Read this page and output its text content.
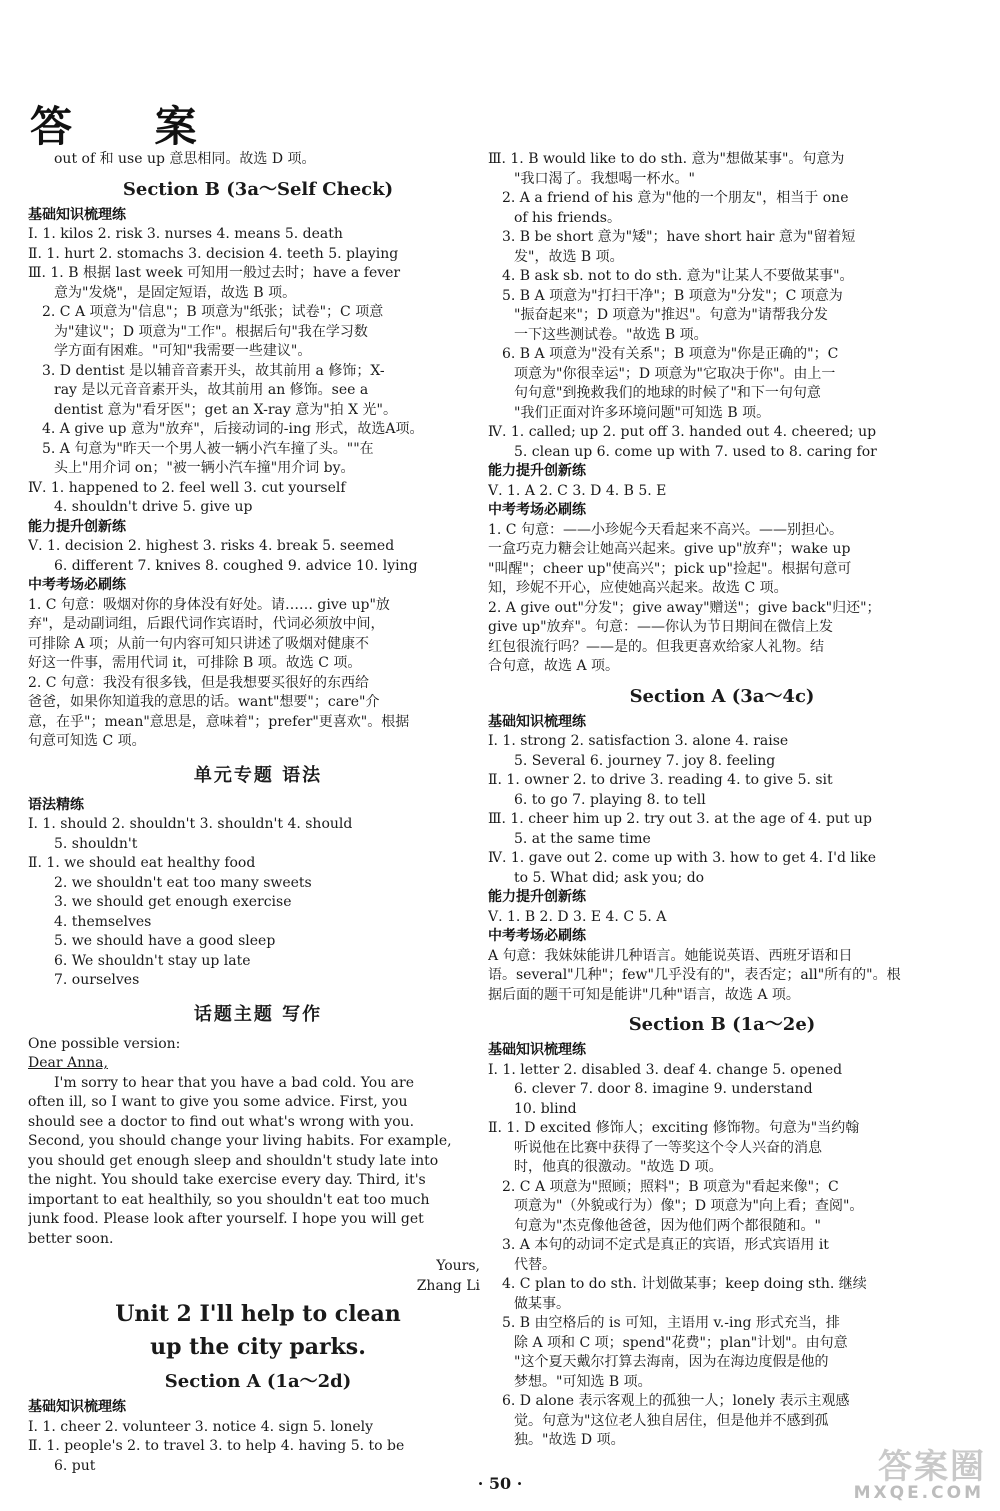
答 案
out of 和 use up 意思相同。故选 D 项。
Section B (3a～Self Check)
基础知识梳理练
Ⅰ. 1. kilos 2. risk 3. nurses 4. means 5. death
Ⅱ. 1. hurt 2. stomachs 3. decision 4. teeth 5. playing
Ⅲ. 1. B 根据 last week 可知用一般过去时；have a fever
意为"发烧"，是固定短语，故选 B 项。
2. C A 项意为"信息"；B 项意为"纸张；试卷"；C 项意
为"建议"；D 项意为"工作"。根据后句"我在学习数
学方面有困难。"可知"我需要一些建议"。
3. D dentist 是以辅音音素开头，故其前用 a 修饰；X-
ray 是以元音音素开头，故其前用 an 修饰。see a
dentist 意为"看牙医"；get an X-ray 意为"拍 X 光"。
4. A give up 意为"放弃"，后接动词的-ing 形式，故选A项。
5. A 句意为"昨天一个男人被一辆小汽车撞了头。""在
头上"用介词 on；"被一辆小汽车撞"用介词 by。
Ⅳ. 1. happened to 2. feel well 3. cut yourself
4. shouldn't drive 5. give up
能力提升创新练
Ⅴ. 1. decision 2. highest 3. risks 4. break 5. seemed
6. different 7. knives 8. coughed 9. advice 10. lying
中考考场必刷练
1. C 句意：吸烟对你的身体没有好处。请…… give up"放
弃"，是动副词组，后跟代词作宾语时，代词必须放中间，
可排除 A 项；从前一句内容可知只讲述了吸烟对健康不
好这一件事，需用代词 it，可排除 B 项。故选 C 项。
2. C 句意：我没有很多钱，但是我想要买很好的东西给
爸爸，如果你知道我的意思的话。want"想要"；care"介
意，在乎"；mean"意思是，意味着"；prefer"更喜欢"。根据
句意可知选 C 项。
单元专题 语法
语法精练
Ⅰ. 1. should 2. shouldn't 3. shouldn't 4. should
5. shouldn't
Ⅱ. 1. we should eat healthy food
2. we shouldn't eat too many sweets
3. we should get enough exercise
4. themselves
5. we should have a good sleep
6. We shouldn't stay up late
7. ourselves
话题主题 写作
One possible version:
Dear Anna,
I'm sorry to hear that you have a bad cold. You are
often ill, so I want to give you some advice. First, you
should see a doctor to find out what's wrong with you.
Second, you should change your living habits. For example,
you should get enough sleep and shouldn't study late into
the night. You should take exercise every day. Third, it's
important to eat healthily, so you shouldn't eat too much
junk food. Please look after yourself. I hope you will get
better soon.
Yours,
Zhang Li
Unit 2 I'll help to clean
up the city parks.
Section A (1a～2d)
基础知识梳理练
Ⅰ. 1. cheer 2. volunteer 3. notice 4. sign 5. lonely
Ⅱ. 1. people's 2. to travel 3. to help 4. having 5. to be
6. put
Ⅲ. 1. B would like to do sth. 意为"想做某事"。句意为
"我口渴了。我想喝一杯水。"
2. A a friend of his 意为"他的一个朋友"，相当于 one
of his friends。
3. B be short 意为"矮"；have short hair 意为"留着短
发"，故选 B 项。
4. B ask sb. not to do sth. 意为"让某人不要做某事"。
5. B A 项意为"打扫干净"；B 项意为"分发"；C 项意为
"振奋起来"；D 项意为"推迟"。句意为"请帮我分发
一下这些测试卷。"故选 B 项。
6. B A 项意为"没有关系"；B 项意为"你是正确的"；C
项意为"你很幸运"；D 项意为"它取决于你"。由上一
句句意"到挽救我们的地球的时候了"和下一句句意
"我们正面对许多环境问题"可知选 B 项。
Ⅳ. 1. called; up 2. put off 3. handed out 4. cheered; up
5. clean up 6. come up with 7. used to 8. caring for
能力提升创新练
Ⅴ. 1. A 2. C 3. D 4. B 5. E
中考考场必刷练
1. C 句意：——小珍妮今天看起来不高兴。——别担心。
一盒巧克力糖会让她高兴起来。give up"放弃"；wake up
"叫醒"；cheer up"使高兴"；pick up"捡起"。根据句意可
知，珍妮不开心，应使她高兴起来。故选 C 项。
2. A give out"分发"；give away"赠送"；give back"归还"；
give up"放弃"。句意：——你认为节日期间在微信上发
红包很流行吗？——是的。但我更喜欢给家人礼物。结
合句意，故选 A 项。
Section A (3a～4c)
基础知识梳理练
Ⅰ. 1. strong 2. satisfaction 3. alone 4. raise
5. Several 6. journey 7. joy 8. feeling
Ⅱ. 1. owner 2. to drive 3. reading 4. to give 5. sit
6. to go 7. playing 8. to tell
Ⅲ. 1. cheer him up 2. try out 3. at the age of 4. put up
5. at the same time
Ⅳ. 1. gave out 2. come up with 3. how to get 4. I'd like
to 5. What did; ask you; do
能力提升创新练
Ⅴ. 1. B 2. D 3. E 4. C 5. A
中考考场必刷练
A 句意：我妹妹能讲几种语言。她能说英语、西班牙语和日
语。several"几种"；few"几乎没有的"，表否定；all"所有的"。根
据后面的题干可知是能讲"几种"语言，故选 A 项。
Section B (1a～2e)
基础知识梳理练
Ⅰ. 1. letter 2. disabled 3. deaf 4. change 5. opened
6. clever 7. door 8. imagine 9. understand
10. blind
Ⅱ. 1. D excited 修饰人；exciting 修饰物。句意为"当约翰
听说他在比赛中获得了一等奖这个令人兴奋的消息
时，他真的很激动。"故选 D 项。
2. C A 项意为"照顾；照料"；B 项意为"看起来像"；C
项意为"（外貌或行为）像"；D 项意为"向上看；查阅"。
句意为"杰克像他爸爸，因为他们两个都很随和。"
3. A 本句的动词不定式是真正的宾语，形式宾语用 it
代替。
4. C plan to do sth. 计划做某事；keep doing sth. 继续
做某事。
5. B 由空格后的 is 可知，主语用 v.-ing 形式充当，排
除 A 项和 C 项；spend"花费"；plan"计划"。由句意
"这个夏天戴尔打算去海南，因为在海边度假是他的
梦想。"可知选 B 项。
6. D alone 表示客观上的孤独一人；lonely 表示主观感
觉。句意为"这位老人独自居住，但是他并不感到孤
独。"故选 D 项。
· 50 ·	答案圈
MXQE.COM
